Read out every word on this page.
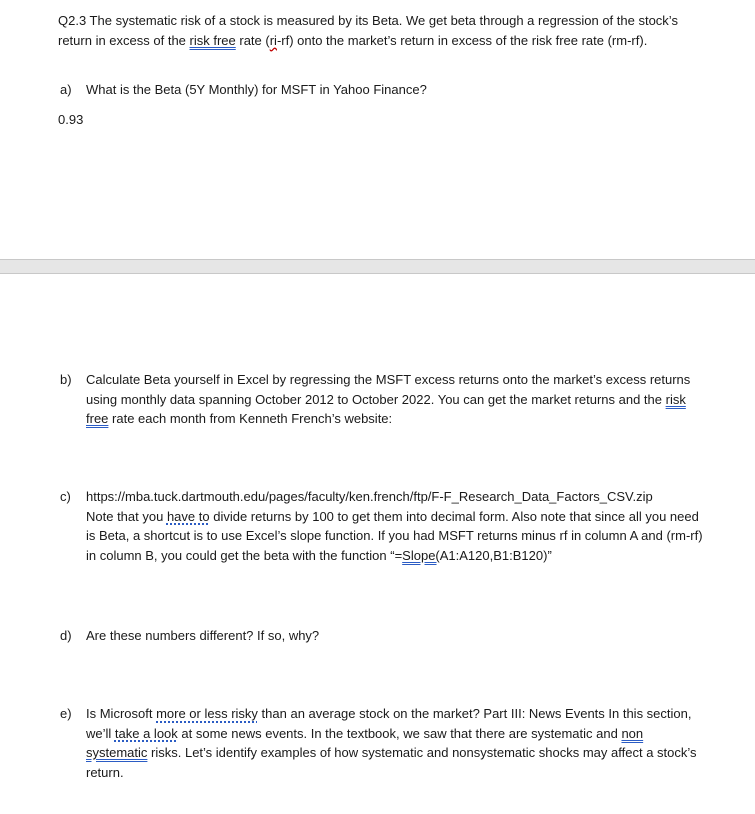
Q2.3 The systematic risk of a stock is measured by its Beta. We get beta through a regression of the stock’s return in excess of the risk free rate (ri-rf) onto the market’s return in excess of the risk free rate (rm-rf).

a) What is the Beta (5Y Monthly) for MSFT in Yahoo Finance?

0.93

b) Calculate Beta yourself in Excel by regressing the MSFT excess returns onto the market’s excess returns using monthly data spanning October 2012 to October 2022. You can get the market returns and the risk free rate each month from Kenneth French’s website:
c) https://mba.tuck.dartmouth.edu/pages/faculty/ken.french/ftp/F-F_Research_Data_Factors_CSV.zip
Note that you have to divide returns by 100 to get them into decimal form. Also note that since all you need is Beta, a shortcut is to use Excel’s slope function. If you had MSFT returns minus rf in column A and (rm-rf) in column B, you could get the beta with the function “=Slope(A1:A120,B1:B120)”
d) Are these numbers different? If so, why?
e) Is Microsoft more or less risky than an average stock on the market? Part III: News Events In this section, we’ll take a look at some news events. In the textbook, we saw that there are systematic and non systematic risks. Let’s identify examples of how systematic and nonsystematic shocks may affect a stock’s return.
